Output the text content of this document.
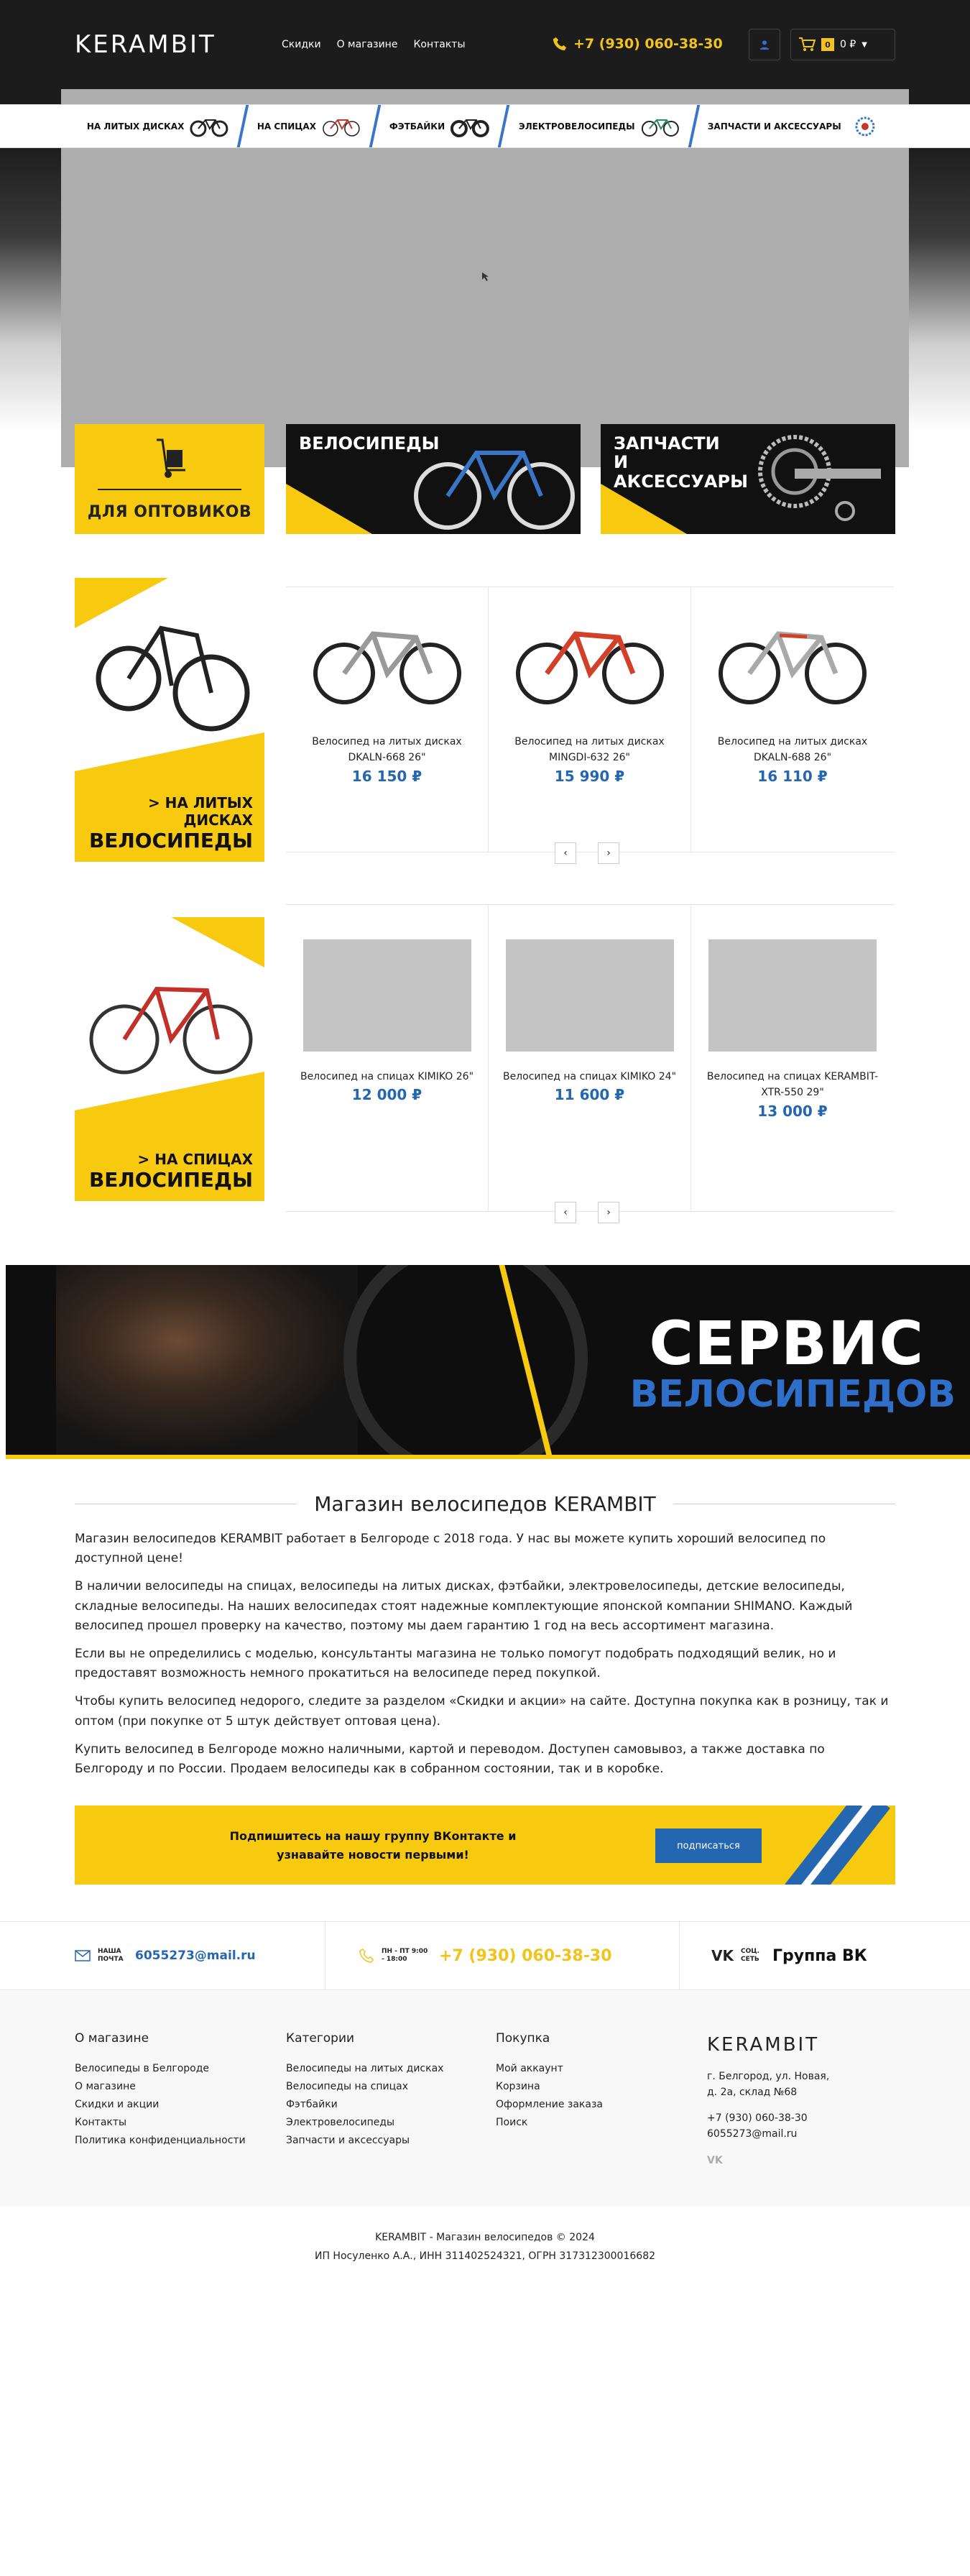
KERAMBIT	Скидки О магазине Контакты	+7 (930) 060-38-30	0 0 ₽ ▼
НА ЛИТЫХ ДИСКАХ	НА СПИЦАХ	ФЭТБАЙКИ	ЭЛЕКТРОВЕЛОСИПЕДЫ	ЗАПЧАСТИ И АКСЕССУАРЫ
ДЛЯ ОПТОВИКОВ
ВЕЛОСИПЕДЫ
>
ЗАПЧАСТИ И АКСЕССУАРЫ
>
> НА ЛИТЫХ ДИСКАХ
ВЕЛОСИПЕДЫ
Велосипед на литых дисках DKALN-668 26"
16 150 ₽
Велосипед на литых дисках MINGDI-632 26"
15 990 ₽
Велосипед на литых дисках DKALN-688 26"
16 110 ₽
‹	›
> НА СПИЦАХ
ВЕЛОСИПЕДЫ
Велосипед на спицах KIMIKO 26"
12 000 ₽
Велосипед на спицах KIMIKO 24"
11 600 ₽
Велосипед на спицах KERAMBIT-XTR-550 29"
13 000 ₽
‹	›
СЕРВИС
ВЕЛОСИПЕДОВ
Магазин велосипедов KERAMBIT

Магазин велосипедов KERAMBIT работает в Белгороде с 2018 года. У нас вы можете купить хороший велосипед по доступной цене!

В наличии велосипеды на спицах, велосипеды на литых дисках, фэтбайки, электровелосипеды, детские велосипеды, складные велосипеды. На наших велосипедах стоят надежные комплектующие японской компании SHIMANO. Каждый велосипед прошел проверку на качество, поэтому мы даем гарантию 1 год на весь ассортимент магазина.

Если вы не определились с моделью, консультанты магазина не только помогут подобрать подходящий велик, но и предоставят возможность немного прокатиться на велосипеде перед покупкой.

Чтобы купить велосипед недорого, следите за разделом «Скидки и акции» на сайте. Доступна покупка как в розницу, так и оптом (при покупке от 5 штук действует оптовая цена).

Купить велосипед в Белгороде можно наличными, картой и переводом. Доступен самовывоз, а также доставка по Белгороду и по России. Продаем велосипеды как в собранном состоянии, так и в коробке.

Подпишитесь на нашу группу ВКонтакте и узнавайте новости первыми!
подписаться
НАША ПОЧТА 6055273@mail.ru	ПН - ПТ 9:00 - 18:00	+7 (930) 060-38-30	VK СОЦ. СЕТЬ Группа ВК
О магазине
Велосипеды в Белгороде
О магазине
Скидки и акции
Контакты
Политика конфиденциальности
Категории
Велосипеды на литых дисках
Велосипеды на спицах
Фэтбайки
Электровелосипеды
Запчасти и аксессуары
Покупка
Мой аккаунт
Корзина
Оформление заказа
Поиск
KERAMBIT
г. Белгород, ул. Новая,
д. 2а, склад №68
+7 (930) 060-38-30
6055273@mail.ru
VK
KERAMBIT - Магазин велосипедов © 2024
ИП Носуленко А.А., ИНН 311402524321, ОГРН 317312300016682
